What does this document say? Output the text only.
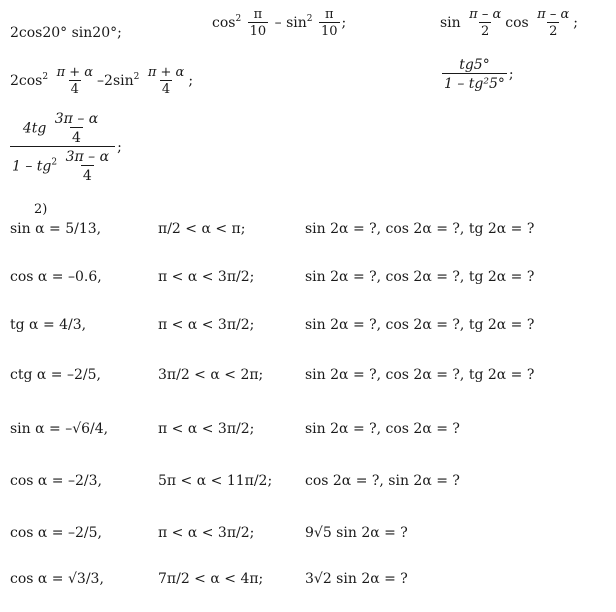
2cos20° sin20°;
$\cos^2 \frac{\pi}{10} - \sin^2 \frac{\pi}{10}$ ;	$\sin \frac{\pi - \alpha}{2}$ $\cos \frac{\pi - \alpha}{2}$ ;
$2\cos^2 \frac{\pi + \alpha}{4} -2\sin^2 \frac{\pi + \alpha}{4}$ ;	$\frac{tg5^\circ}{\text{1 – tg²5°}}$ ;
$\frac{4tg \frac{3\pi - \alpha}{4}}{1 - tg^2 \frac{3\pi - \alpha}{4}}$ ;
2)
sin α = 5/13,	π/2 < α < π;	sin 2α = ?, cos 2α = ?, tg 2α = ?
cos α = –0.6,	π < α < 3π/2;	sin 2α = ?, cos 2α = ?, tg 2α = ?
tg α = 4/3,	π < α < 3π/2;	sin 2α = ?, cos 2α = ?, tg 2α = ?
ctg α = –2/5,	3π/2 < α < 2π;	sin 2α = ?, cos 2α = ?, tg 2α = ?
sin α = –√6/4,	π < α < 3π/2;	sin 2α = ?, cos 2α = ?
cos α = –2/3,	5π < α < 11π/2; cos 2α = ?, sin 2α = ?
cos α = –2/5,	π < α < 3π/2;	9√5 sin 2α = ?
cos α = √3/3,	7π/2 < α < 4π;	3√2 sin 2α = ?
